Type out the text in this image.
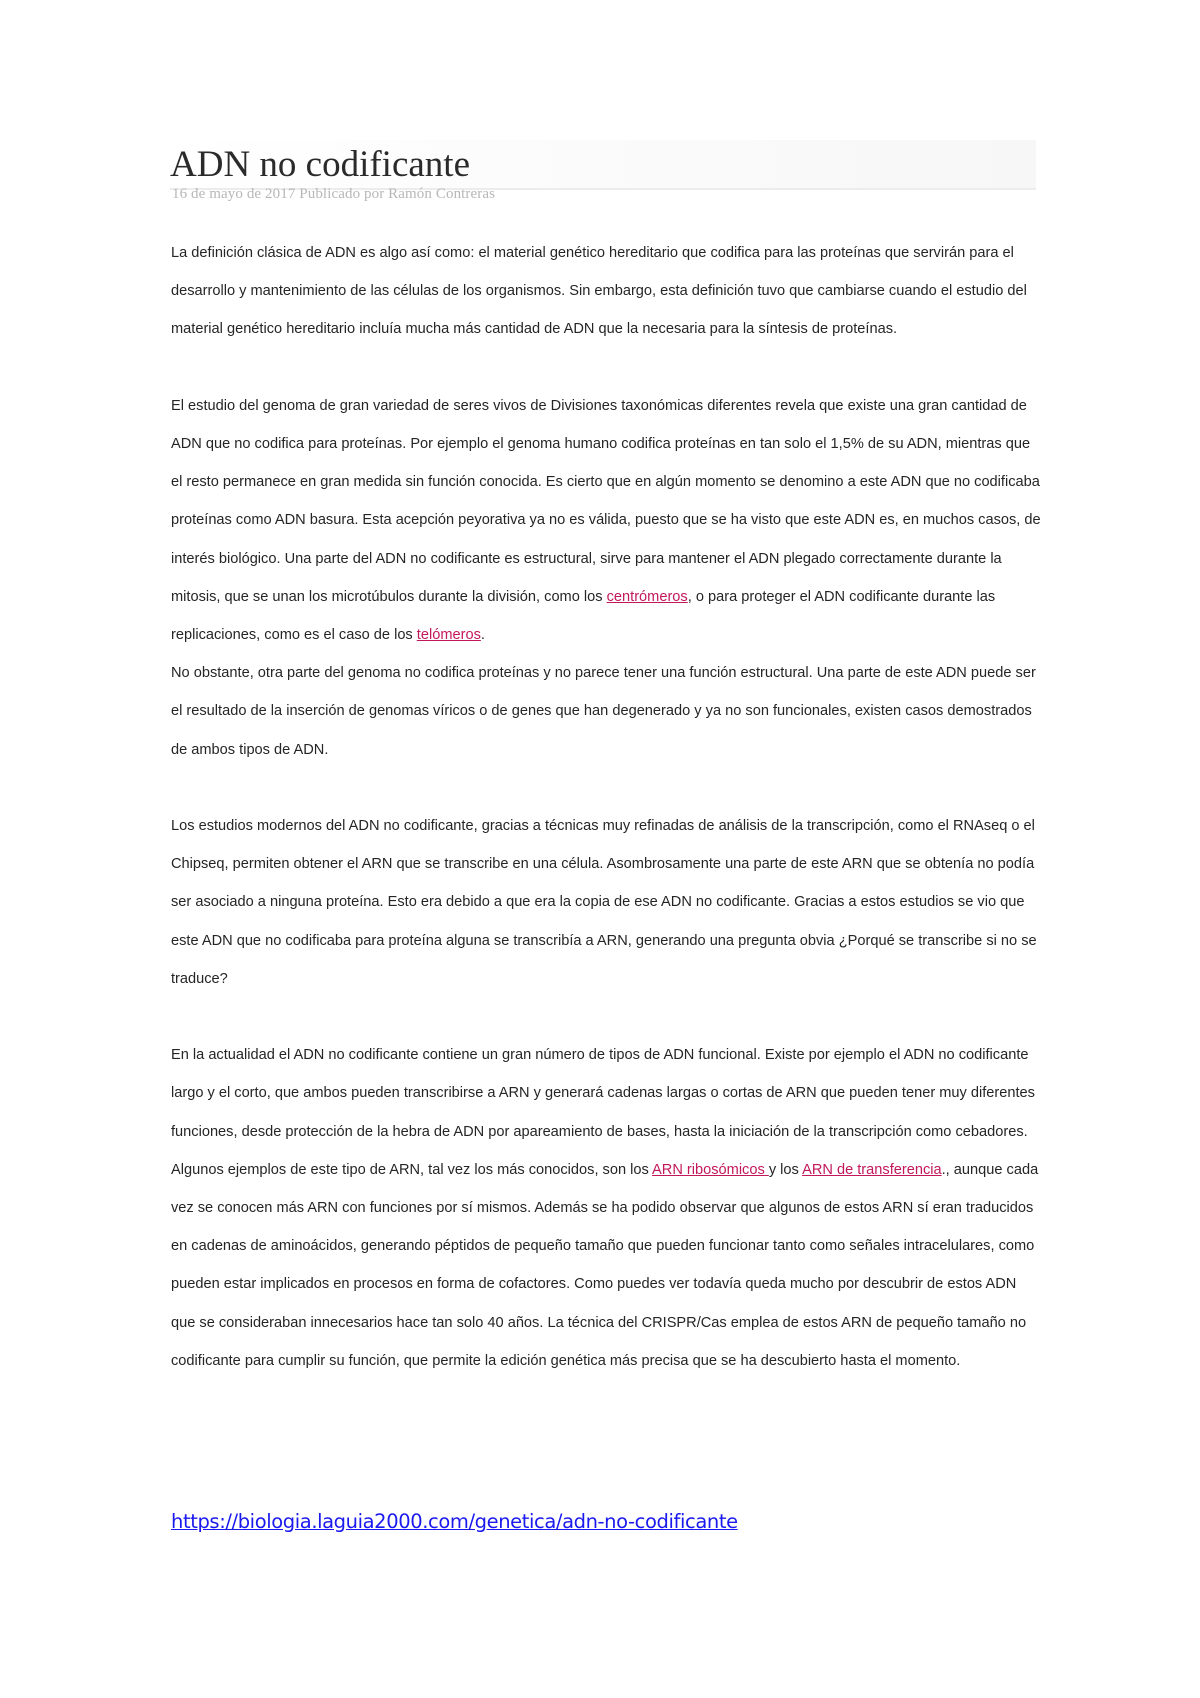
ADN no codificante
16 de mayo de 2017 Publicado por Ramón Contreras

La definición clásica de ADN es algo así como: el material genético hereditario que codifica para las proteínas que servirán para el desarrollo y mantenimiento de las células de los organismos. Sin embargo, esta definición tuvo que cambiarse cuando el estudio del material genético hereditario incluía mucha más cantidad de ADN que la necesaria para la síntesis de proteínas.

El estudio del genoma de gran variedad de seres vivos de Divisiones taxonómicas diferentes revela que existe una gran cantidad de ADN que no codifica para proteínas. Por ejemplo el genoma humano codifica proteínas en tan solo el 1,5% de su ADN, mientras que el resto permanece en gran medida sin función conocida. Es cierto que en algún momento se denomino a este ADN que no codificaba proteínas como ADN basura. Esta acepción peyorativa ya no es válida, puesto que se ha visto que este ADN es, en muchos casos, de interés biológico. Una parte del ADN no codificante es estructural, sirve para mantener el ADN plegado correctamente durante la mitosis, que se unan los microtúbulos durante la división, como los centrómeros, o para proteger el ADN codificante durante las replicaciones, como es el caso de los telómeros.

No obstante, otra parte del genoma no codifica proteínas y no parece tener una función estructural. Una parte de este ADN puede ser el resultado de la inserción de genomas víricos o de genes que han degenerado y ya no son funcionales, existen casos demostrados de ambos tipos de ADN.

Los estudios modernos del ADN no codificante, gracias a técnicas muy refinadas de análisis de la transcripción, como el RNAseq o el Chipseq, permiten obtener el ARN que se transcribe en una célula. Asombrosamente una parte de este ARN que se obtenía no podía ser asociado a ninguna proteína. Esto era debido a que era la copia de ese ADN no codificante. Gracias a estos estudios se vio que este ADN que no codificaba para proteína alguna se transcribía a ARN, generando una pregunta obvia ¿Porqué se transcribe si no se traduce?

En la actualidad el ADN no codificante contiene un gran número de tipos de ADN funcional. Existe por ejemplo el ADN no codificante largo y el corto, que ambos pueden transcribirse a ARN y generará cadenas largas o cortas de ARN que pueden tener muy diferentes funciones, desde protección de la hebra de ADN por apareamiento de bases, hasta la iniciación de la transcripción como cebadores. Algunos ejemplos de este tipo de ARN, tal vez los más conocidos, son los ARN ribosómicos y los ARN de transferencia., aunque cada vez se conocen más ARN con funciones por sí mismos. Además se ha podido observar que algunos de estos ARN sí eran traducidos en cadenas de aminoácidos, generando péptidos de pequeño tamaño que pueden funcionar tanto como señales intracelulares, como pueden estar implicados en procesos en forma de cofactores. Como puedes ver todavía queda mucho por descubrir de estos ADN que se consideraban innecesarios hace tan solo 40 años. La técnica del CRISPR/Cas emplea de estos ARN de pequeño tamaño no codificante para cumplir su función, que permite la edición genética más precisa que se ha descubierto hasta el momento.

https://biologia.laguia2000.com/genetica/adn-no-codificante
